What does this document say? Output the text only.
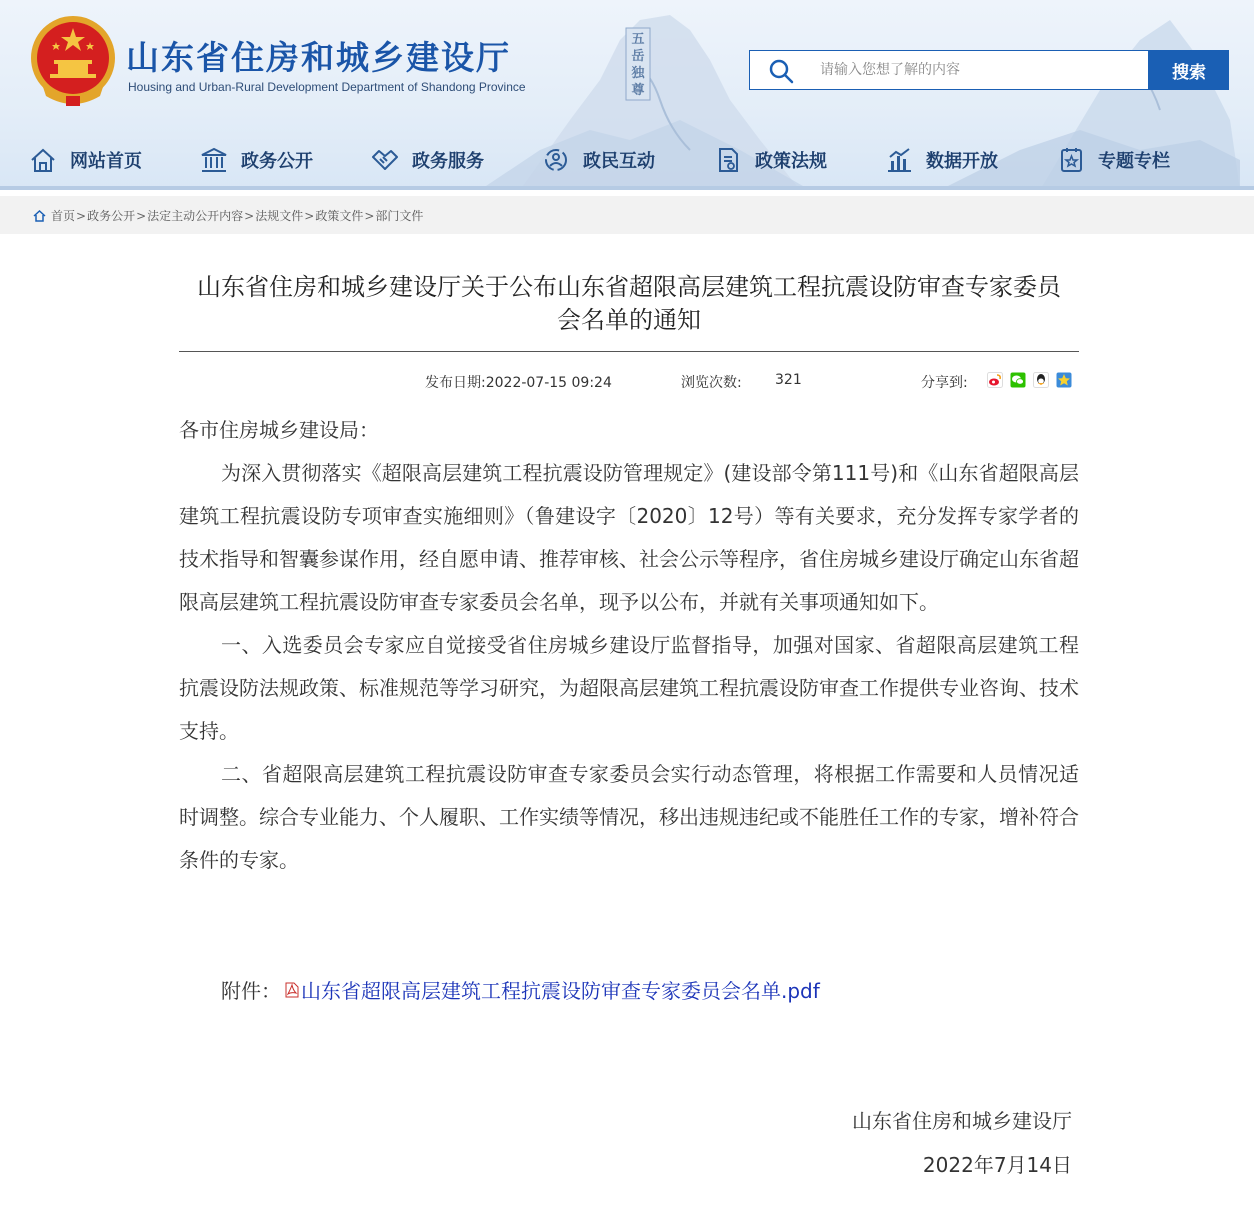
五岳独尊
山东省住房和城乡建设厅
Housing and Urban-Rural Development Department of Shandong Province
请输入您想了解的内容
搜索
网站首页	政务公开	政务服务	政民互动	政策法规	数据开放	专题专栏
首页 > 政务公开 > 法定主动公开内容 > 法规文件 > 政策文件 > 部门文件
山东省住房和城乡建设厅关于公布山东省超限高层建筑工程抗震设防审查专家委员
会名单的通知
发布日期:2022-07-15 09:24	浏览次数: 321	分享到:

各市住房城乡建设局：

为深入贯彻落实《超限高层建筑工程抗震设防管理规定》(建设部令第111号)和《山东省超限高层建筑工程抗震设防专项审查实施细则》（鲁建设字〔2020〕12号）等有关要求，充分发挥专家学者的技术指导和智囊参谋作用，经自愿申请、推荐审核、社会公示等程序，省住房城乡建设厅确定山东省超限高层建筑工程抗震设防审查专家委员会名单，现予以公布，并就有关事项通知如下。

一、入选委员会专家应自觉接受省住房城乡建设厅监督指导，加强对国家、省超限高层建筑工程抗震设防法规政策、标准规范等学习研究，为超限高层建筑工程抗震设防审查工作提供专业咨询、技术支持。

二、省超限高层建筑工程抗震设防审查专家委员会实行动态管理，将根据工作需要和人员情况适时调整。综合专业能力、个人履职、工作实绩等情况，移出违规违纪或不能胜任工作的专家，增补符合条件的专家。

附件： 山东省超限高层建筑工程抗震设防审查专家委员会名单.pdf
山东省住房和城乡建设厅
2022年7月14日
